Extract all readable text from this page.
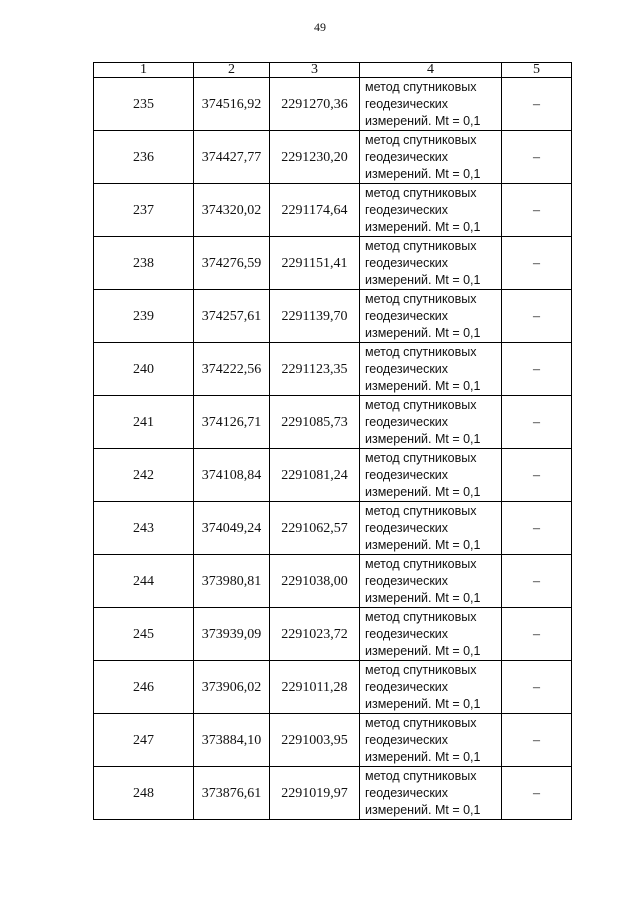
49
1	2	3	4	5
235	374516,92	2291270,36	метод спутниковых
геодезических
измерений. Mt = 0,1	–
236	374427,77	2291230,20	метод спутниковых
геодезических
измерений. Mt = 0,1	–
237	374320,02	2291174,64	метод спутниковых
геодезических
измерений. Mt = 0,1	–
238	374276,59	2291151,41	метод спутниковых
геодезических
измерений. Mt = 0,1	–
239	374257,61	2291139,70	метод спутниковых
геодезических
измерений. Mt = 0,1	–
240	374222,56	2291123,35	метод спутниковых
геодезических
измерений. Mt = 0,1	–
241	374126,71	2291085,73	метод спутниковых
геодезических
измерений. Mt = 0,1	–
242	374108,84	2291081,24	метод спутниковых
геодезических
измерений. Mt = 0,1	–
243	374049,24	2291062,57	метод спутниковых
геодезических
измерений. Mt = 0,1	–
244	373980,81	2291038,00	метод спутниковых
геодезических
измерений. Mt = 0,1	–
245	373939,09	2291023,72	метод спутниковых
геодезических
измерений. Mt = 0,1	–
246	373906,02	2291011,28	метод спутниковых
геодезических
измерений. Mt = 0,1	–
247	373884,10	2291003,95	метод спутниковых
геодезических
измерений. Mt = 0,1	–
248	373876,61	2291019,97	метод спутниковых
геодезических
измерений. Mt = 0,1	–
